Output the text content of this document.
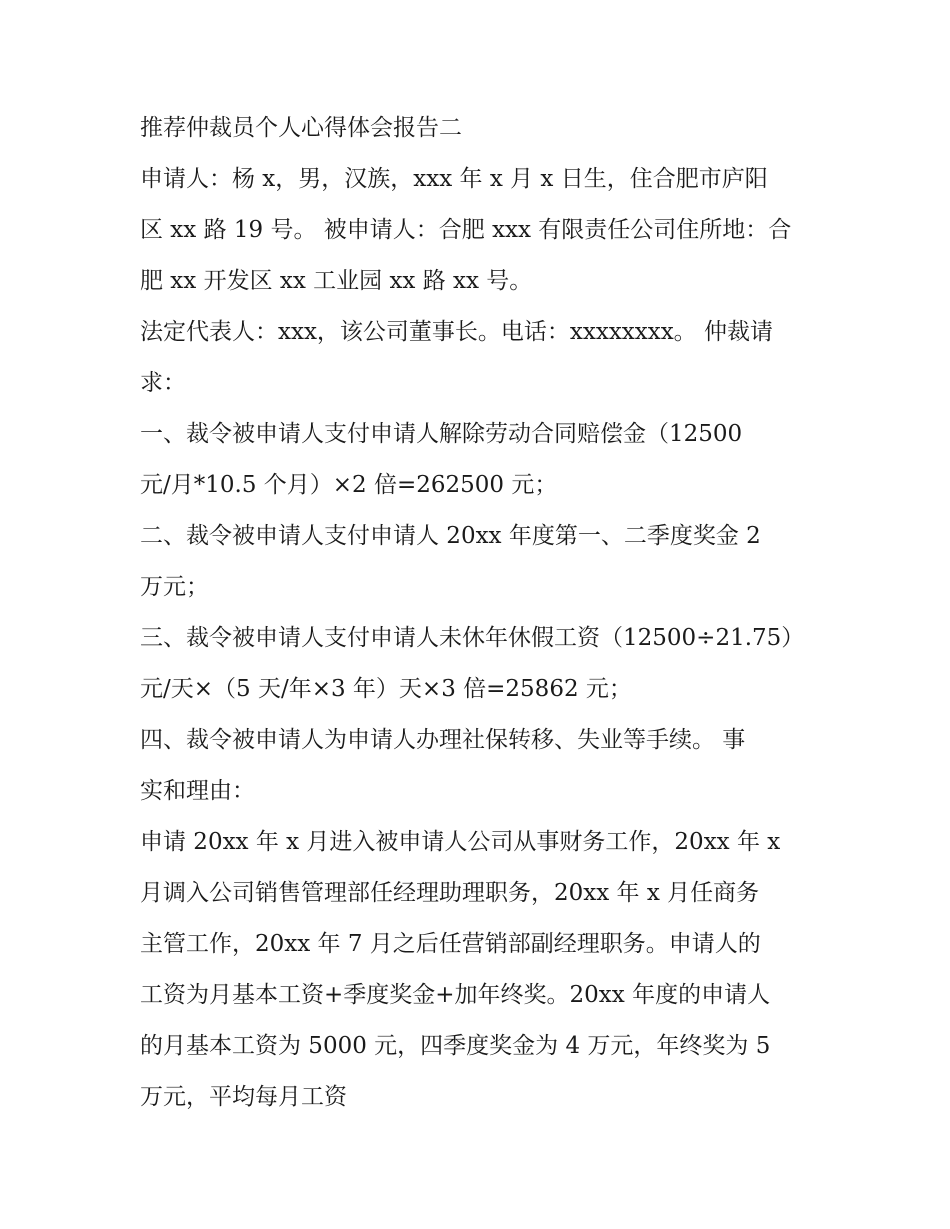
推荐仲裁员个人心得体会报告二
申请人：杨 x，男，汉族，xxx 年 x 月 x 日生，住合肥市庐阳
区 xx 路 19 号。 被申请人：合肥 xxx 有限责任公司住所地：合
肥 xx 开发区 xx 工业园 xx 路 xx 号。
法定代表人：xxx，该公司董事长。电话：xxxxxxxx。 仲裁请
求：
一、裁令被申请人支付申请人解除劳动合同赔偿金（12500
元/月*10.5 个月）×2 倍=262500 元；
二、裁令被申请人支付申请人 20xx 年度第一、二季度奖金 2
万元；
三、裁令被申请人支付申请人未休年休假工资（12500÷21.75）
元/天×（5 天/年×3 年）天×3 倍=25862 元；
四、裁令被申请人为申请人办理社保转移、失业等手续。 事
实和理由：
申请 20xx 年 x 月进入被申请人公司从事财务工作，20xx 年 x
月调入公司销售管理部任经理助理职务，20xx 年 x 月任商务
主管工作，20xx 年 7 月之后任营销部副经理职务。申请人的
工资为月基本工资+季度奖金+加年终奖。20xx 年度的申请人
的月基本工资为 5000 元，四季度奖金为 4 万元，年终奖为 5
万元，平均每月工资
